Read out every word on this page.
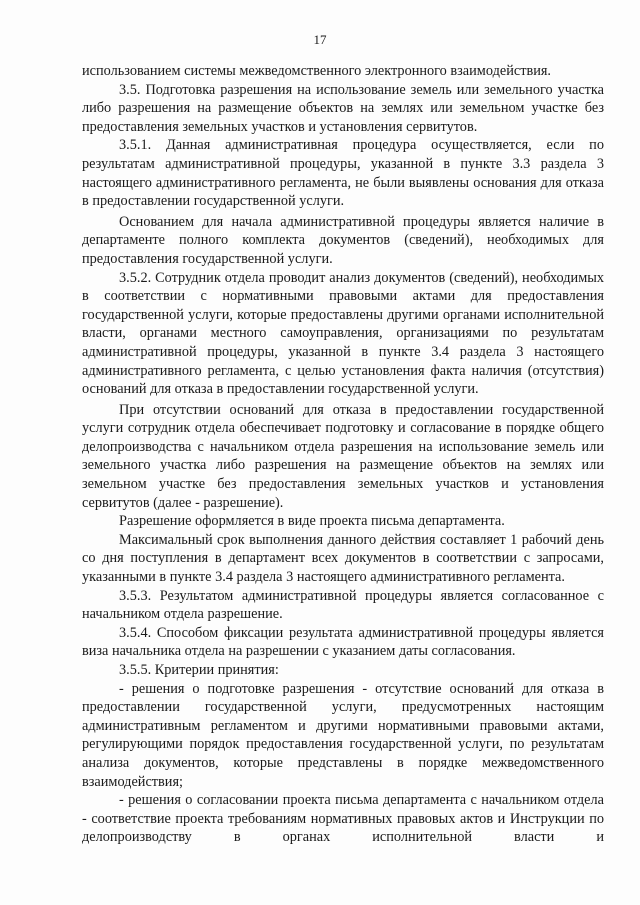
17

использованием системы межведомственного электронного взаимодействия.

3.5. Подготовка разрешения на использование земель или земельного участка либо разрешения на размещение объектов на землях или земельном участке без предоставления земельных участков и установления сервитутов.

3.5.1. Данная административная процедура осуществляется, если по результатам административной процедуры, указанной в пункте 3.3 раздела 3 настоящего административного регламента, не были выявлены основания для отказа в предоставлении государственной услуги.

Основанием для начала административной процедуры является наличие в департаменте полного комплекта документов (сведений), необходимых для предоставления государственной услуги.

3.5.2. Сотрудник отдела проводит анализ документов (сведений), необходимых в соответствии с нормативными правовыми актами для предоставления государственной услуги, которые предоставлены другими органами исполнительной власти, органами местного самоуправления, организациями по результатам административной процедуры, указанной в пункте 3.4 раздела 3 настоящего административного регламента, с целью установления факта наличия (отсутствия) оснований для отказа в предоставлении государственной услуги.

При отсутствии оснований для отказа в предоставлении государственной услуги сотрудник отдела обеспечивает подготовку и согласование в порядке общего делопроизводства с начальником отдела разрешения на использование земель или земельного участка либо разрешения на размещение объектов на землях или земельном участке без предоставления земельных участков и установления сервитутов (далее - разрешение).

Разрешение оформляется в виде проекта письма департамента.

Максимальный срок выполнения данного действия составляет 1 рабочий день со дня поступления в департамент всех документов в соответствии с запросами, указанными в пункте 3.4 раздела 3 настоящего административного регламента.

3.5.3. Результатом административной процедуры является согласованное с начальником отдела разрешение.

3.5.4. Способом фиксации результата административной процедуры является виза начальника отдела на разрешении с указанием даты согласования.

3.5.5. Критерии принятия:

- решения о подготовке разрешения - отсутствие оснований для отказа в предоставлении государственной услуги, предусмотренных настоящим административным регламентом и другими нормативными правовыми актами, регулирующими порядок предоставления государственной услуги, по результатам анализа документов, которые представлены в порядке межведомственного взаимодействия;

- решения о согласовании проекта письма департамента с начальником отдела - соответствие проекта требованиям нормативных правовых актов и Инструкции по делопроизводству в органах исполнительной власти и
